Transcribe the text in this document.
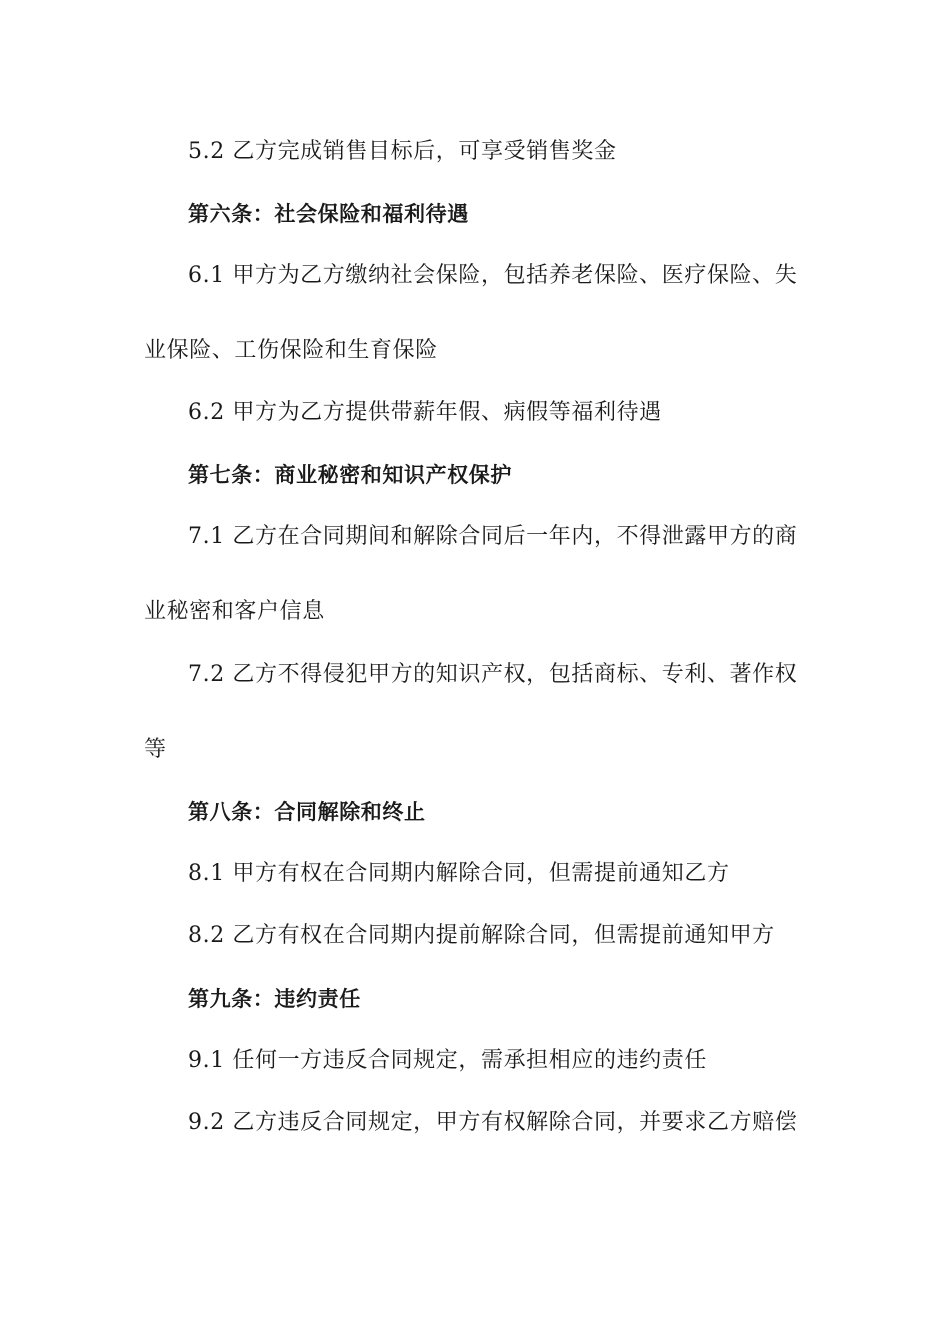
5.2 乙方完成销售目标后，可享受销售奖金
第六条：社会保险和福利待遇
6.1 甲方为乙方缴纳社会保险，包括养老保险、医疗保险、失
业保险、工伤保险和生育保险
6.2 甲方为乙方提供带薪年假、病假等福利待遇
第七条：商业秘密和知识产权保护
7.1 乙方在合同期间和解除合同后一年内，不得泄露甲方的商
业秘密和客户信息
7.2 乙方不得侵犯甲方的知识产权，包括商标、专利、著作权
等
第八条：合同解除和终止
8.1 甲方有权在合同期内解除合同，但需提前通知乙方
8.2 乙方有权在合同期内提前解除合同，但需提前通知甲方
第九条：违约责任
9.1 任何一方违反合同规定，需承担相应的违约责任
9.2 乙方违反合同规定，甲方有权解除合同，并要求乙方赔偿
